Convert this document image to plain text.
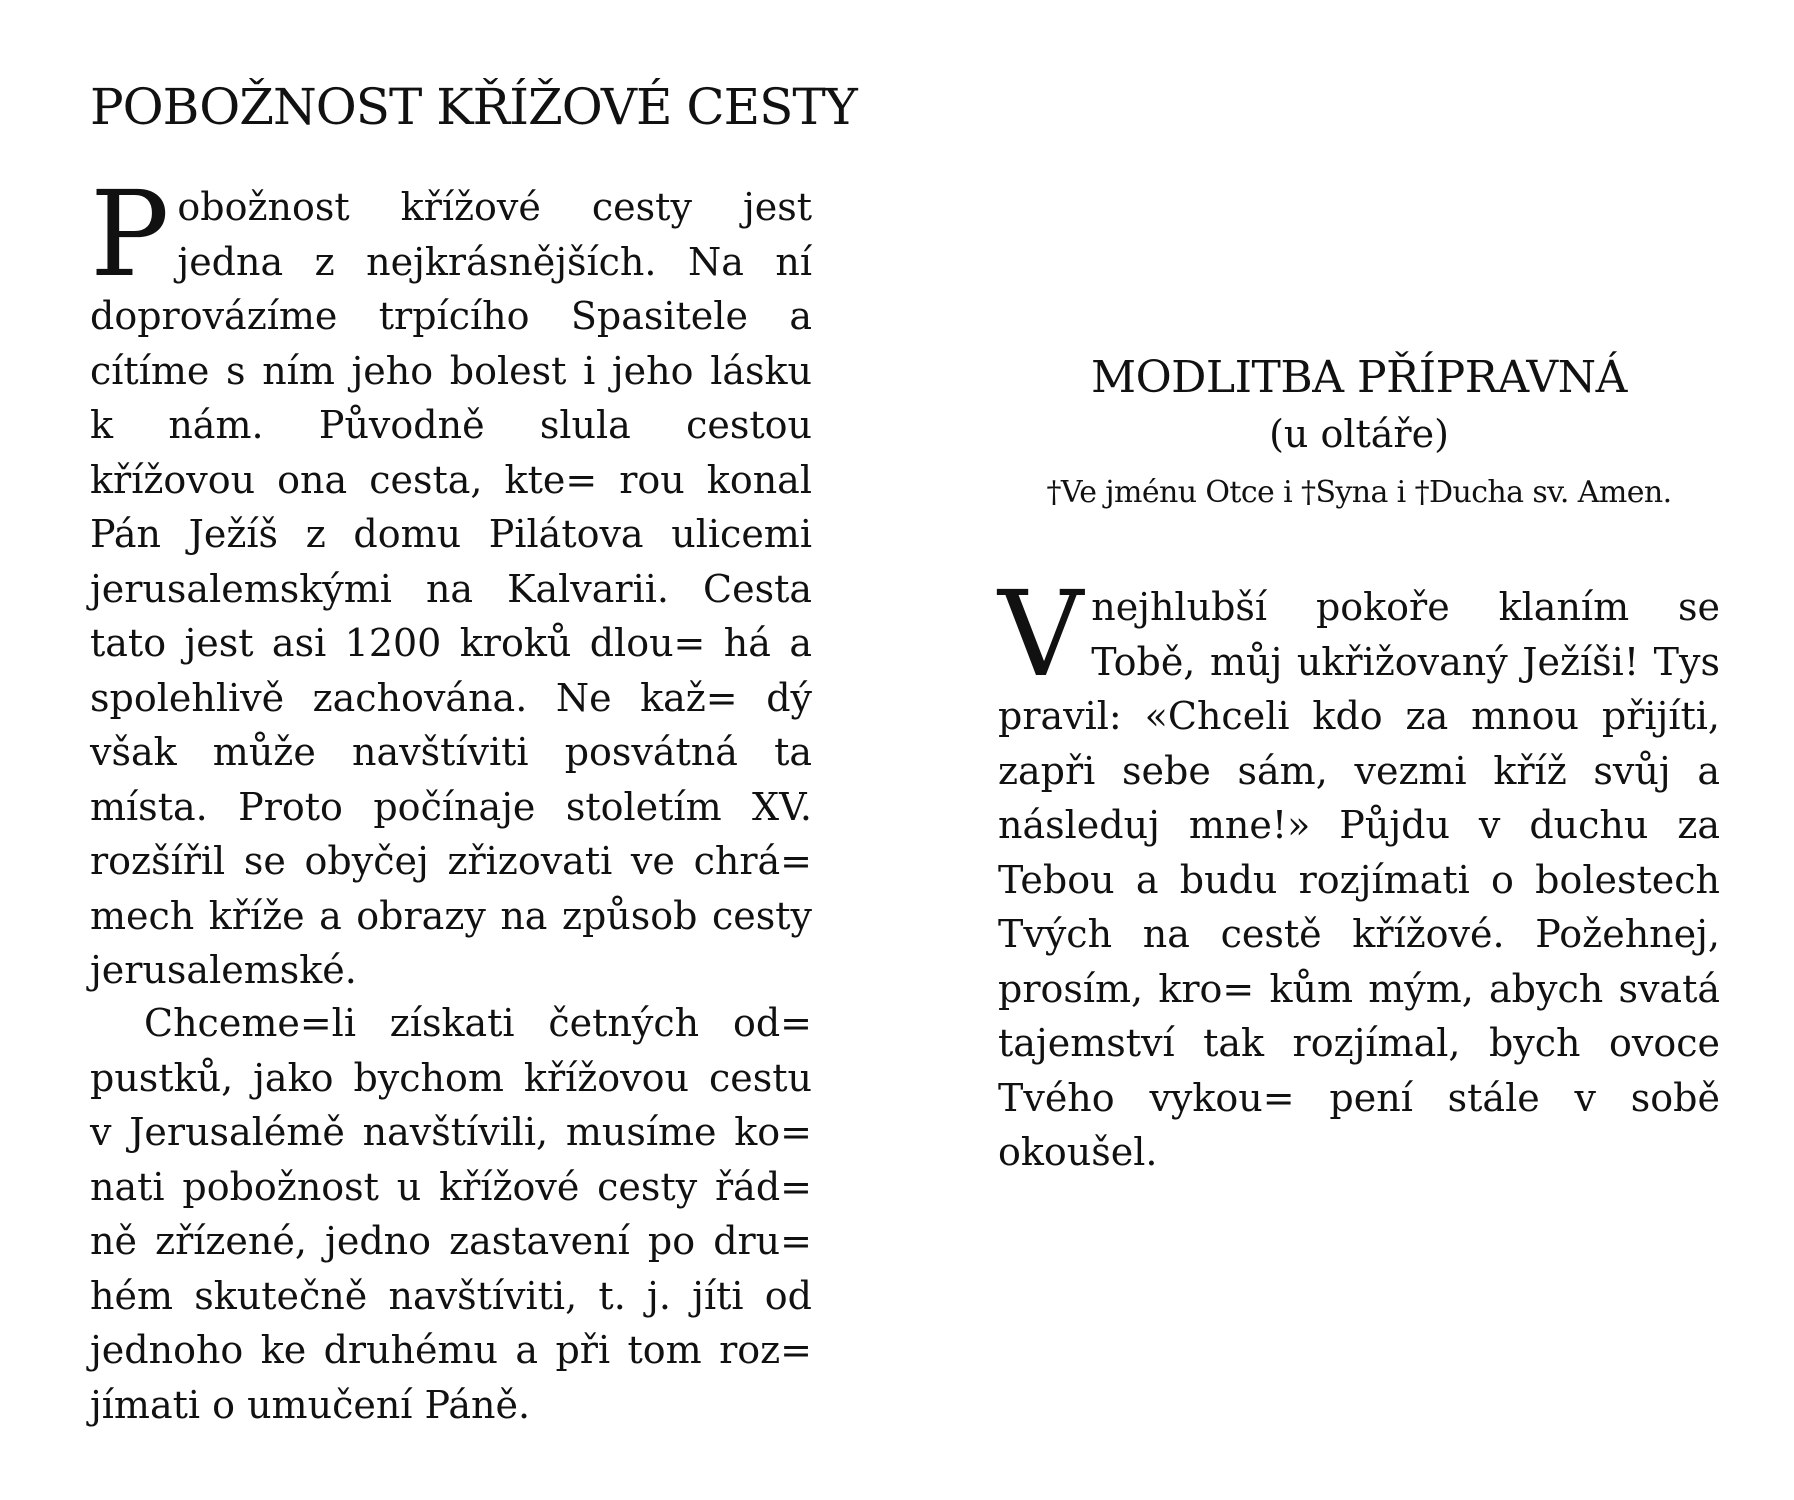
POBOŽNOST KŘÍŽOVÉ CESTY
Pobožnost křížové cesty jest jedna z nejkrásnějších. Na ní doprovázíme trpícího Spasitele a cítíme s ním jeho bolest i jeho lásku k nám. Původně slula cestou křížovou ona cesta, kte= rou konal Pán Ježíš z domu Pilátova ulicemi jerusalemskými na Kalvarii. Cesta tato jest asi 1200 kroků dlou= há a spolehlivě zachována. Ne kaž= dý však může navštíviti posvátná ta místa. Proto počínaje stoletím XV. rozšířil se obyčej zřizovati ve chrá= mech kříže a obrazy na způsob cesty jerusalemské.
Chceme=li získati četných od= pustků, jako bychom křížovou cestu v Jerusalémě navštívili, musíme ko= nati pobožnost u křížové cesty řád= ně zřízené, jedno zastavení po dru= hém skutečně navštíviti, t. j. jíti od jednoho ke druhému a při tom roz= jímati o umučení Páně.
MODLITBA PŘÍPRAVNÁ
(u oltáře)
†Ve jménu Otce i †Syna i †Ducha sv. Amen.
Vnejhlubší pokoře klaním se Tobě, můj ukřižovaný Ježíši! Tys pravil: «Chceli kdo za mnou přijíti, zapři sebe sám, vezmi kříž svůj a následuj mne!» Půjdu v duchu za Tebou a budu rozjímati o bolestech Tvých na cestě křížové. Požehnej, prosím, kro= kům mým, abych svatá tajemství tak rozjímal, bych ovoce Tvého vykou= pení stále v sobě okoušel.
